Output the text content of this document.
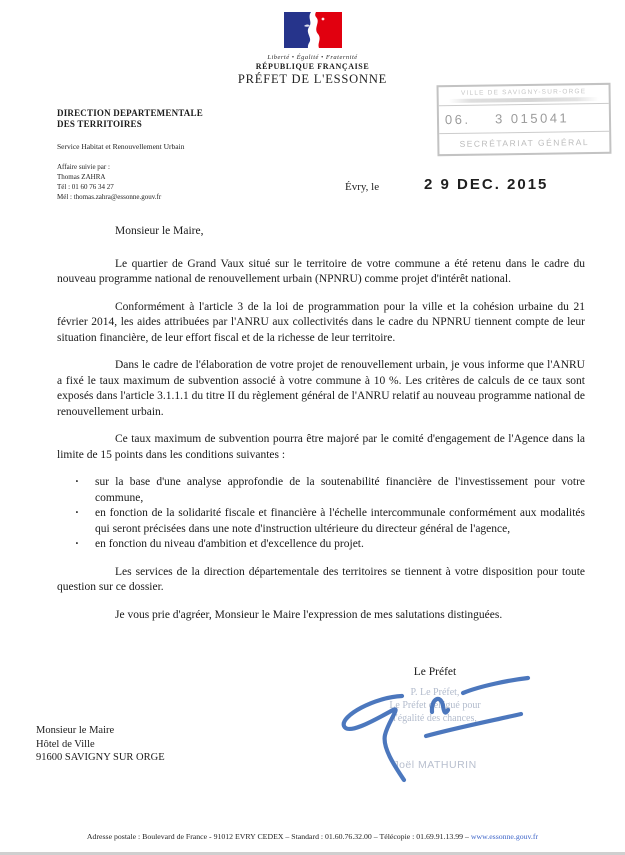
Liberté • Égalité • Fraternité
RÉPUBLIQUE FRANÇAISE
PRÉFET DE L'ESSONNE
VILLE DE SAVIGNY-SUR-ORGE
06.    3 015041
SECRÉTARIAT GÉNÉRAL
DIRECTION DEPARTEMENTALE
DES TERRITOIRES
Service Habitat et Renouvellement Urbain
Affaire suivie par :
Thomas ZAHRA
Tél : 01 60 76 34 27
Mél : thomas.zahra@essonne.gouv.fr
Évry, le	2 9 DEC. 2015

Monsieur le Maire,

Le quartier de Grand Vaux situé sur le territoire de votre commune a été retenu dans le cadre du nouveau programme national de renouvellement urbain (NPNRU) comme projet d'intérêt national.

Conformément à l'article 3 de la loi de programmation pour la ville et la cohésion urbaine du 21 février 2014, les aides attribuées par l'ANRU aux collectivités dans le cadre du NPNRU tiennent compte de leur situation financière, de leur effort fiscal et de la richesse de leur territoire.

Dans le cadre de l'élaboration de votre projet de renouvellement urbain, je vous informe que l'ANRU a fixé le taux maximum de subvention associé à votre commune à 10 %. Les critères de calculs de ce taux sont exposés dans l'article 3.1.1.1 du titre II du règlement général de l'ANRU relatif au nouveau programme national de renouvellement urbain.

Ce taux maximum de subvention pourra être majoré par le comité d'engagement de l'Agence dans la limite de 15 points dans les conditions suivantes :

·	sur la base d'une analyse approfondie de la soutenabilité financière de l'investissement pour votre commune,
·	en fonction de la solidarité fiscale et financière à l'échelle intercommunale conformément aux modalités qui seront précisées dans une note d'instruction ultérieure du directeur général de l'agence,
·	en fonction du niveau d'ambition et d'excellence du projet.

Les services de la direction départementale des territoires se tiennent à votre disposition pour toute question sur ce dossier.

Je vous prie d'agréer, Monsieur le Maire l'expression de mes salutations distinguées.

Le Préfet
P. Le Préfet,
Le Préfet délégué pour
l'égalité des chances,
Joël MATHURIN
Monsieur le Maire
Hôtel de Ville
91600 SAVIGNY SUR ORGE
Adresse postale : Boulevard de France - 91012 EVRY CEDEX – Standard : 01.60.76.32.00 – Télécopie : 01.69.91.13.99 – www.essonne.gouv.fr
